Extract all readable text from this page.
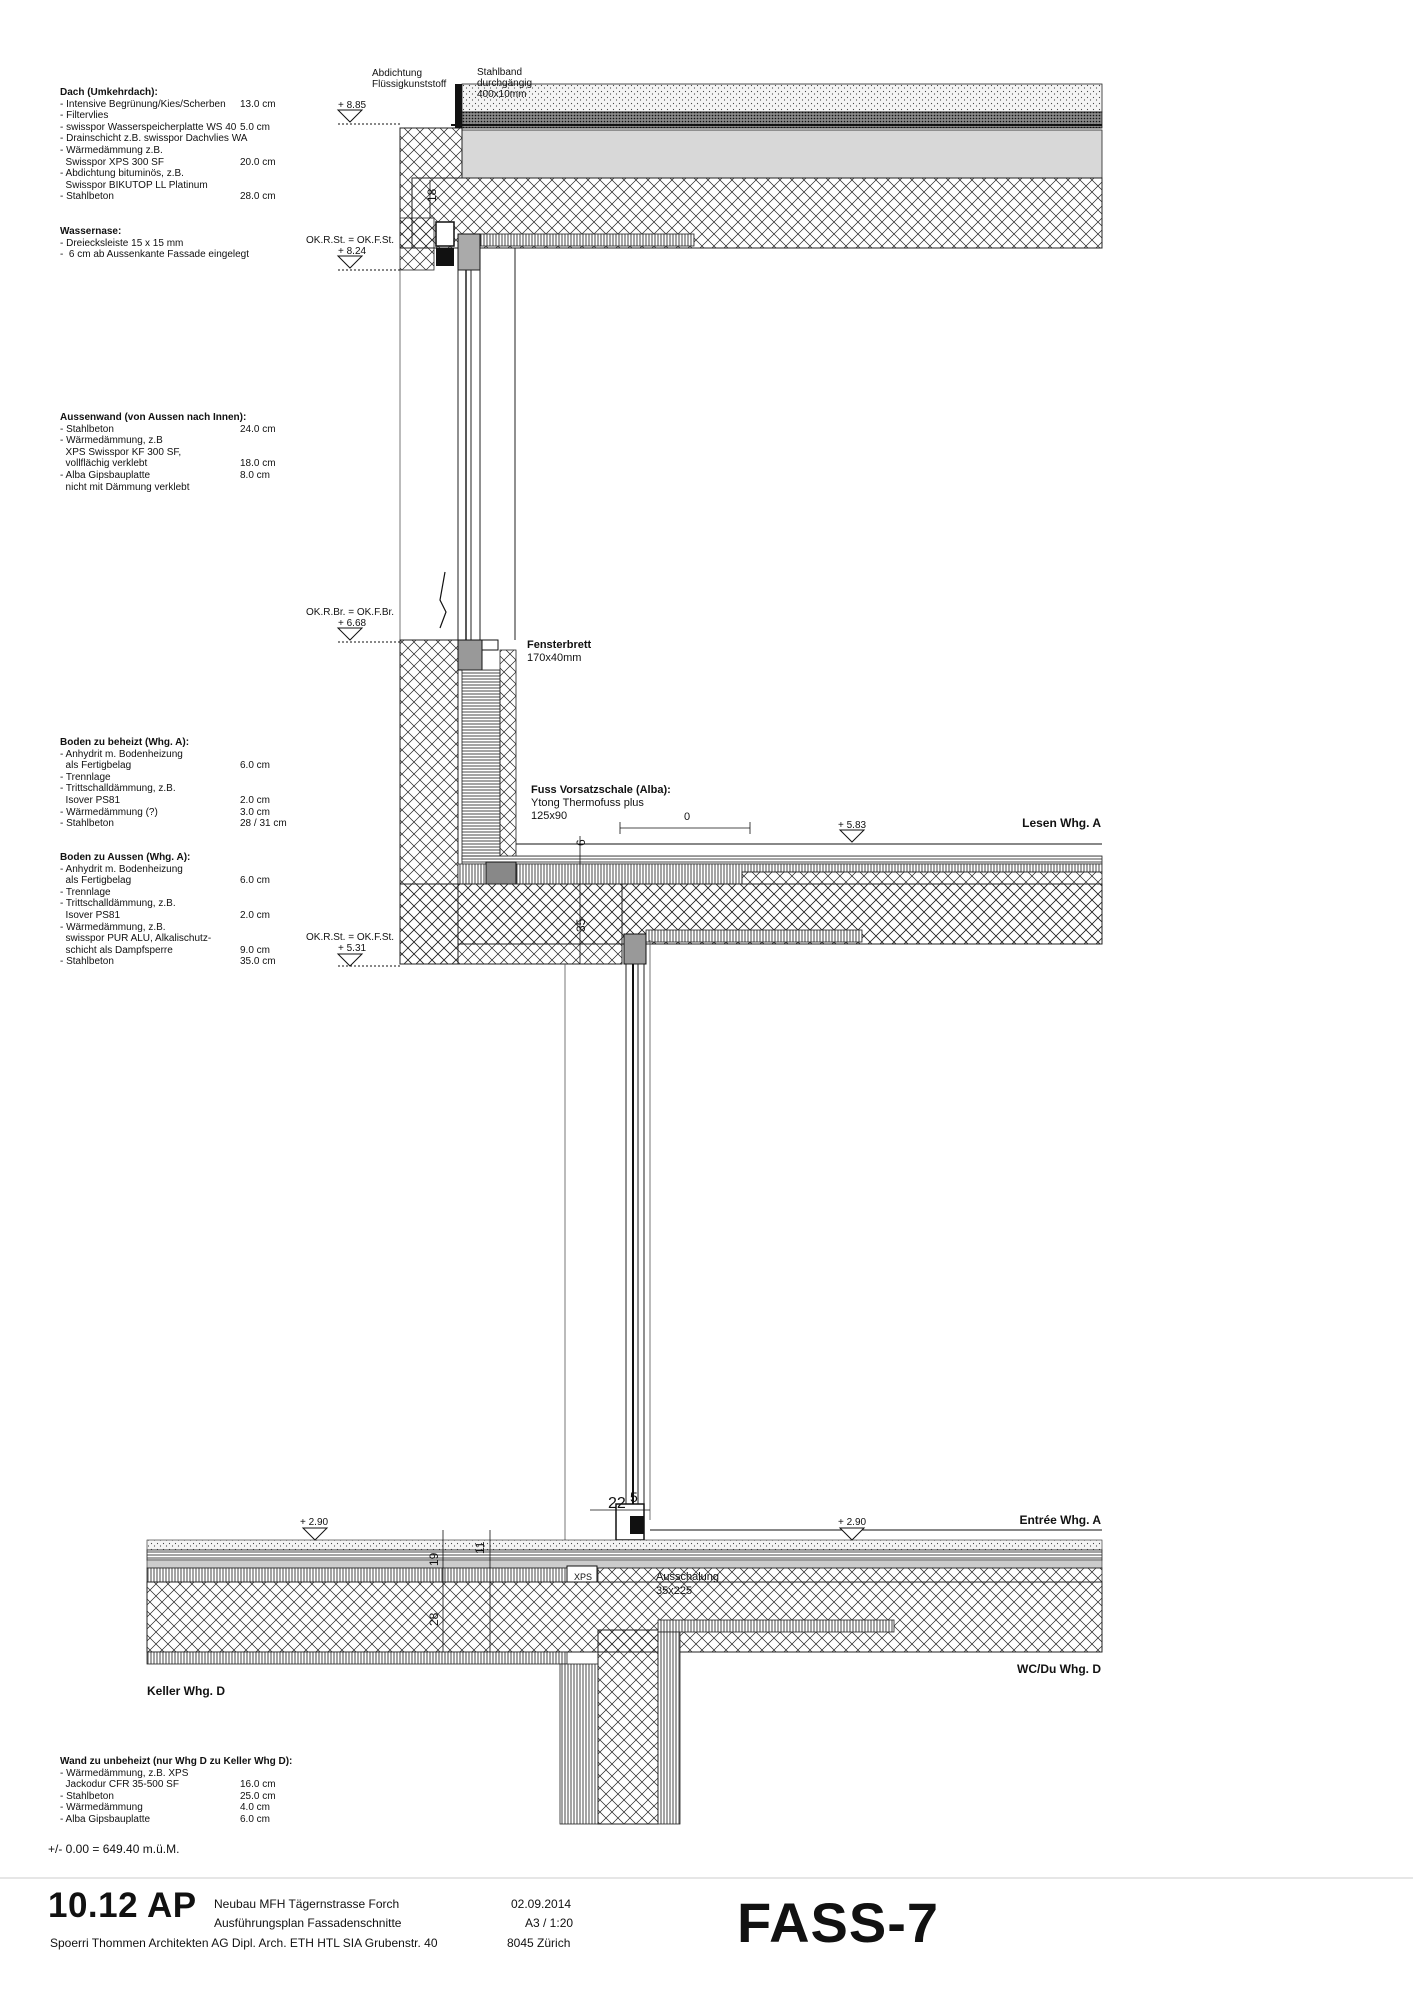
Abdichtung
Flüssigkunststoff
Stahlband
durchgängig
400x10mm
+ 8.85
OK.R.St. = OK.F.St.
+ 8.24
OK.R.Br. = OK.F.Br.
+ 6.68
+ 5.83
OK.R.St. = OK.F.St.
+ 5.31
+ 2.90	+ 2.90
18
6
35
0
22 5
19
28
11
XPS
Fensterbrett
170x40mm
Fuss Vorsatzschale (Alba):
Ytong Thermofuss plus
125x90
Ausschalung
35x225
Lesen Whg. A
Entrée Whg. A
WC/Du Whg. D
Keller Whg. D
Dach (Umkehrdach):
- Intensive Begrünung/Kies/Scherben 13.0 cm
- Filtervlies
- swisspor Wasserspeicherplatte WS 40 5.0 cm
- Drainschicht z.B. swisspor Dachvlies WA
- Wärmedämmung z.B.
Swisspor XPS 300 SF	20.0 cm
- Abdichtung bituminös, z.B.
Swisspor BIKUTOP LL Platinum
- Stahlbeton	28.0 cm
Wassernase:
- Dreiecksleiste 15 x 15 mm
-  6 cm ab Aussenkante Fassade eingelegt
Aussenwand (von Aussen nach Innen):
- Stahlbeton	24.0 cm
- Wärmedämmung, z.B
XPS Swisspor KF 300 SF,
vollflächig verklebt	18.0 cm
- Alba Gipsbauplatte	8.0 cm
nicht mit Dämmung verklebt
Boden zu beheizt (Whg. A):
- Anhydrit m. Bodenheizung
als Fertigbelag	6.0 cm
- Trennlage
- Trittschalldämmung, z.B.
Isover PS81	2.0 cm
- Wärmedämmung (?)	3.0 cm
- Stahlbeton	28 / 31 cm
Boden zu Aussen (Whg. A):
- Anhydrit m. Bodenheizung
als Fertigbelag	6.0 cm
- Trennlage
- Trittschalldämmung, z.B.
Isover PS81	2.0 cm
- Wärmedämmung, z.B.
swisspor PUR ALU, Alkalischutz-
schicht als Dampfsperre	9.0 cm
- Stahlbeton	35.0 cm
Wand zu unbeheizt (nur Whg D zu Keller Whg D):
- Wärmedämmung, z.B. XPS
Jackodur CFR 35-500 SF	16.0 cm
- Stahlbeton	25.0 cm
- Wärmedämmung	4.0 cm
- Alba Gipsbauplatte	6.0 cm
+/- 0.00 = 649.40 m.ü.M.
10.12 AP Neubau MFH Tägernstrasse Forch
Ausführungsplan Fassadenschnitte
Spoerri Thommen Architekten AG Dipl. Arch. ETH HTL SIA Grubenstr. 40
02.09.2014
A3 / 1:20
8045 Zürich	FASS-7
